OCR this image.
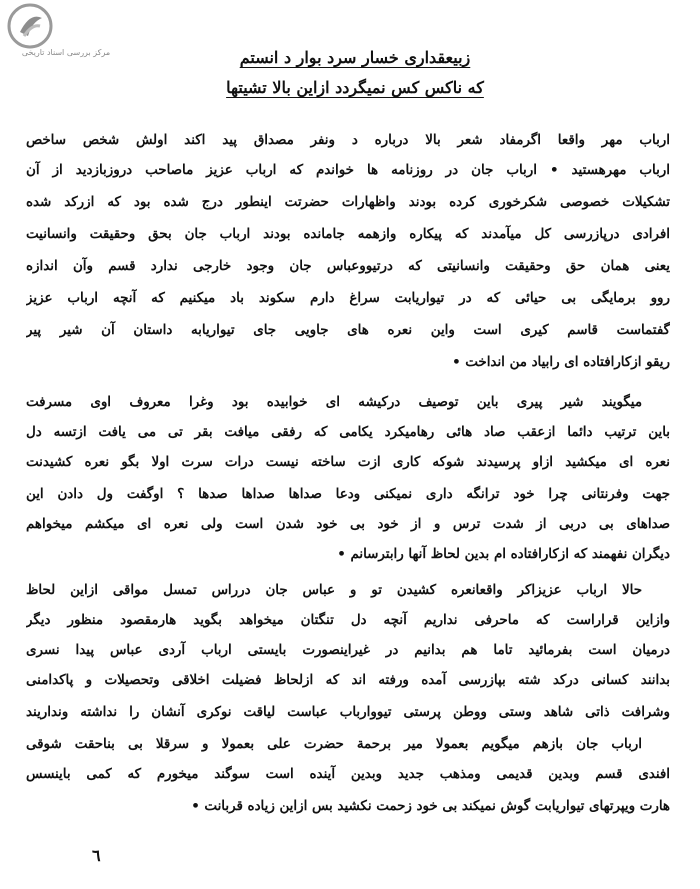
مرکز بررسی اسناد تاریخی	زبیعقداری خسار سرد بوار د انستم
که ناکس کس نمیگردد ازاین بالا تشیتها
ارباب مهر واقعا اگرمفاد شعر بالا درباره د ونفر مصداق پید اکند اولش شخص ساخص
ارباب مهرهستید • ارباب جان در روزنامه ها خواندم که ارباب عزیز ماصاحب دروزبازدید از آن
تشکیلات خصوصی شکرخوری کرده بودند واظهارات حضرتت اینطور درج شده بود که ازرکد شده
افرادی درپازرسی کل میآمدند که پیکاره وازهمه جامانده بودند ارباب جان بحق وحقیقت وانسانیت
یعنی همان حق وحقیقت وانسانیتی که درتیووعباس جان وجود خارجی ندارد قسم وآن اندازه
روو برمایگی بی حیائی که در تیواریابت سراغ دارم سکوند باد میکنیم که آنچه ارباب عزیز
گفتماست قاسم کیری است واین نعره های جاویی جای تیواریابه داستان آن شیر پیر
ریقو ازکارافتاده ای رابیاد من انداخت •
میگویند شیر پیری باین توصیف درکیشه ای خوابیده بود وغرا معروف اوی مسرفت
باین ترتیب دائما ازعقب صاد هائی رهامیکرد یکامی که رفقی میافت بقر تی می یافت ازتسه دل
نعره ای میکشید ازاو پرسیدند شوکه کاری ازت ساخته نیست درات سرت اولا بگو نعره کشیدنت
جهت وفرنتانی چرا خود ترانگه داری نمیکنی ودعا صداها صداها صدها ؟ اوگفت ول دادن این
صداهای بی دربی از شدت ترس و از خود بی خود شدن است ولی نعره ای میکشم میخواهم
دیگران نفهمند که ازکارافتاده ام بدین لحاظ آنها رابترسانم •
حالا ارباب عزیزاکر واقعانعره کشیدن تو و عباس جان درراس تمسل مواقی ازاین لحاظ
وازاین قراراست که ماحرفی نداریم آنچه دل تنگتان میخواهد بگوید هارمقصود منظور دیگر
درمیان است بفرمائید تاما هم بدانیم در غیراینصورت بایستی ارباب آردی عباس پیدا نسری
بدانند کسانی درکد شته بپازرسی آمده ورفته اند که ازلحاظ فضیلت اخلاقی وتحصیلات و پاکدامنی
وشرافت ذاتی شاهد وستی ووطن پرستی تیووارباب عباست لیاقت نوکری آنشان را نداشته ونداریند
ارباب جان بازهم میگویم بعمولا میر برحمة حضرت علی بعمولا و سرقلا بی بناحقت شوقی
افندی قسم وبدین قدیمی ومذهب جدید وبدین آینده است سوگند میخورم که کمی باینسس
هارت ویپرتهای تیواریابت گوش نمیکند بی خود زحمت نکشید بس ازاین زیاده قربانت •
٦
